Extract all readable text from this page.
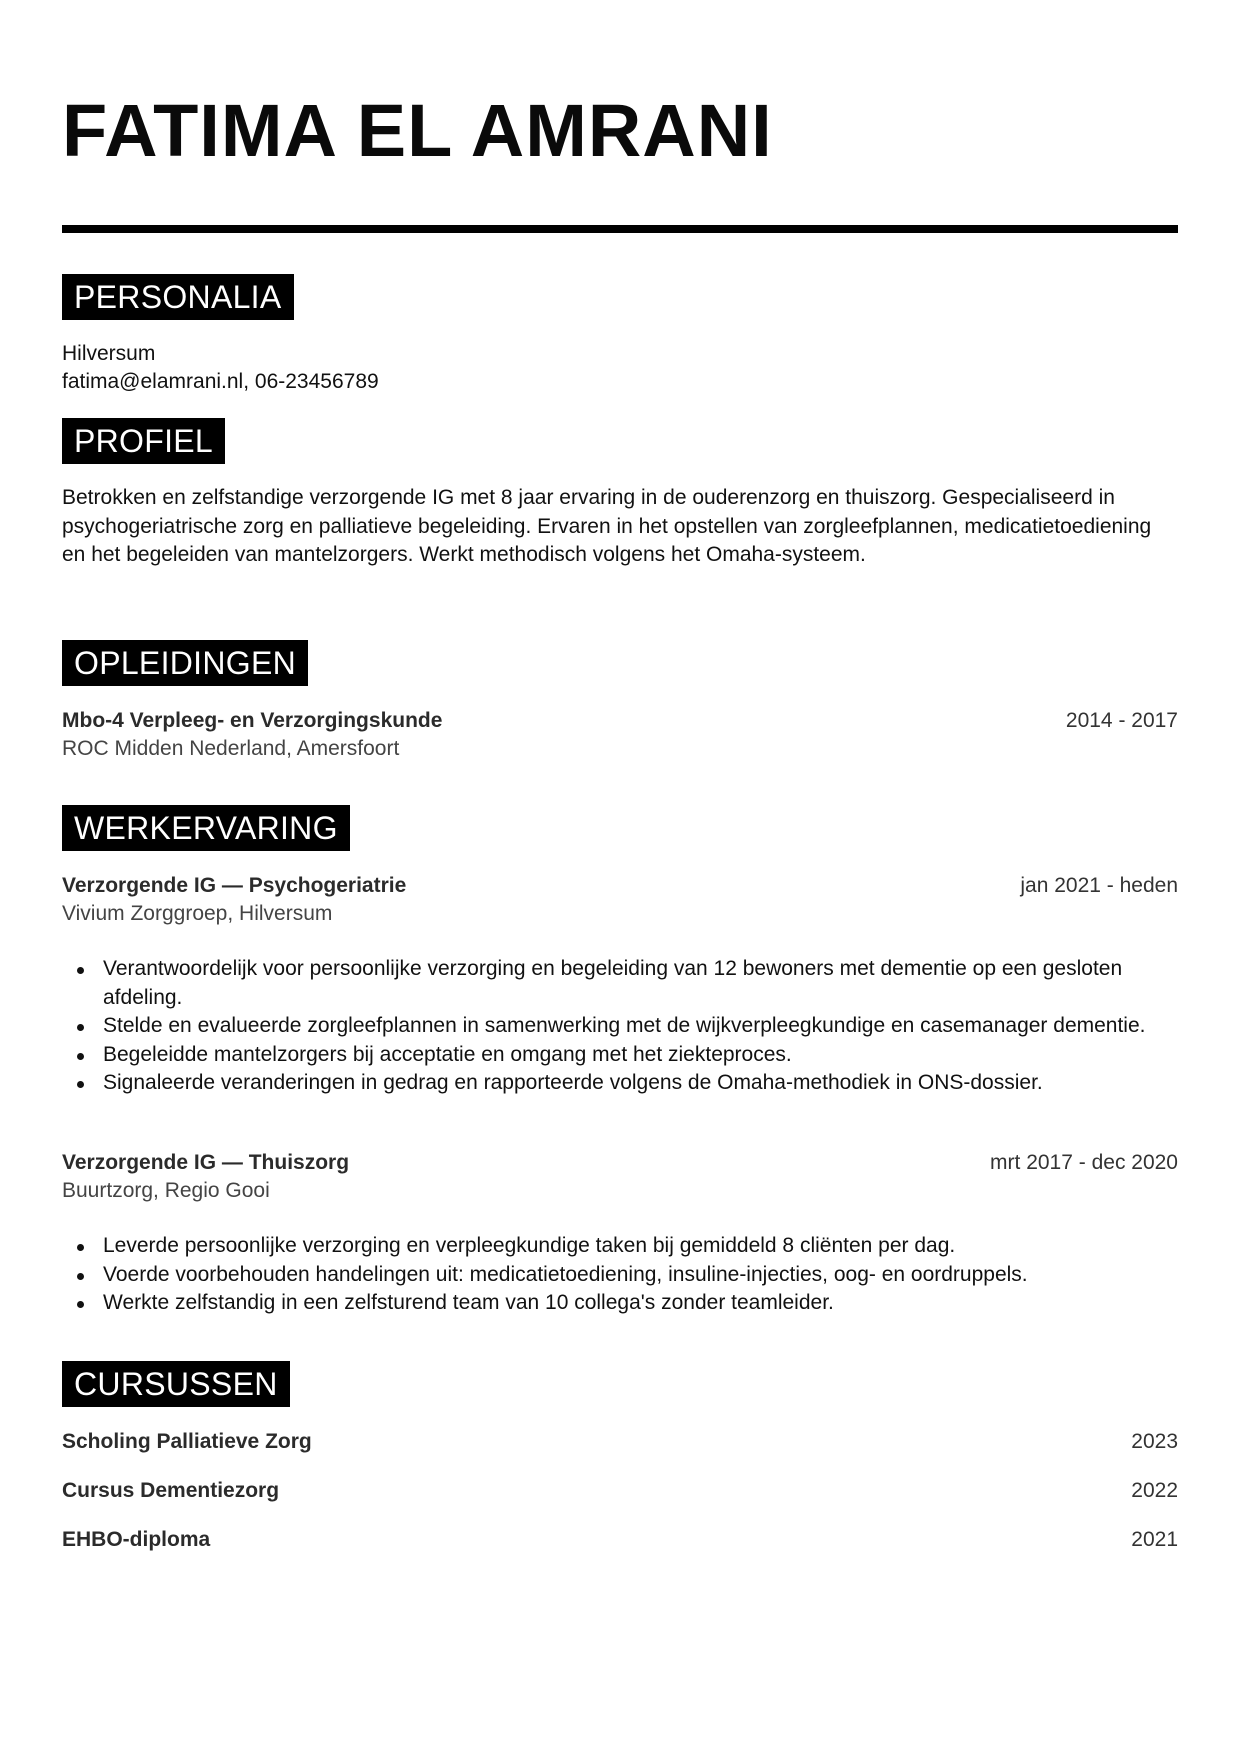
FATIMA EL AMRANI
PERSONALIA
Hilversum
fatima@elamrani.nl, 06-23456789
PROFIEL
Betrokken en zelfstandige verzorgende IG met 8 jaar ervaring in de ouderenzorg en thuiszorg. Gespecialiseerd in psychogeriatrische zorg en palliatieve begeleiding. Ervaren in het opstellen van zorgleefplannen, medicatietoediening en het begeleiden van mantelzorgers. Werkt methodisch volgens het Omaha-systeem.
OPLEIDINGEN
Mbo-4 Verpleeg- en Verzorgingskunde	2014 - 2017
ROC Midden Nederland, Amersfoort
WERKERVARING
Verzorgende IG — Psychogeriatrie	jan 2021 - heden
Vivium Zorggroep, Hilversum
Verantwoordelijk voor persoonlijke verzorging en begeleiding van 12 bewoners met dementie op een gesloten afdeling.
Stelde en evalueerde zorgleefplannen in samenwerking met de wijkverpleegkundige en casemanager dementie.
Begeleidde mantelzorgers bij acceptatie en omgang met het ziekteproces.
Signaleerde veranderingen in gedrag en rapporteerde volgens de Omaha-methodiek in ONS-dossier.
Verzorgende IG — Thuiszorg	mrt 2017 - dec 2020
Buurtzorg, Regio Gooi
Leverde persoonlijke verzorging en verpleegkundige taken bij gemiddeld 8 cliënten per dag.
Voerde voorbehouden handelingen uit: medicatietoediening, insuline-injecties, oog- en oordruppels.
Werkte zelfstandig in een zelfsturend team van 10 collega's zonder teamleider.
CURSUSSEN
Scholing Palliatieve Zorg	2023
Cursus Dementiezorg	2022
EHBO-diploma	2021
